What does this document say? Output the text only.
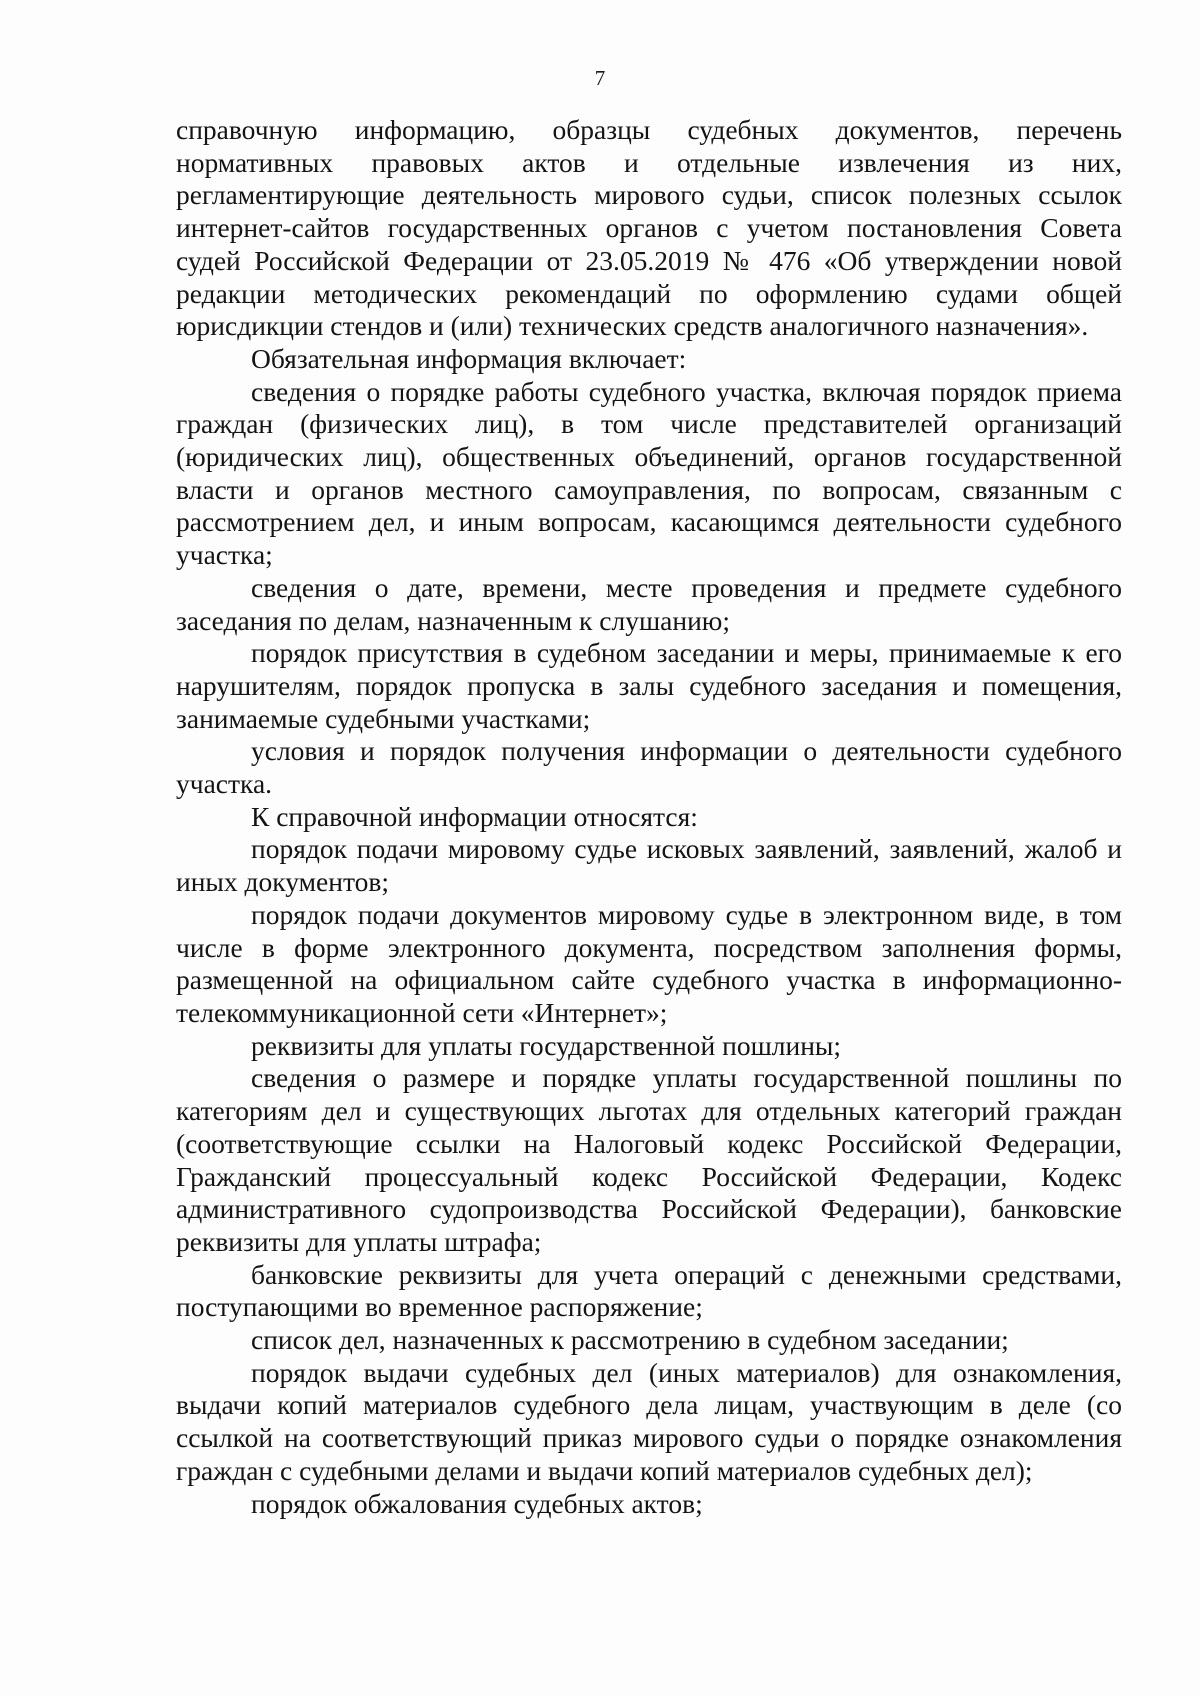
7

справочную информацию, образцы судебных документов, перечень нормативных правовых актов и отдельные извлечения из них, регламентирующие деятельность мирового судьи, список полезных ссылок интернет-сайтов государственных органов с учетом постановления Совета судей Российской Федерации от 23.05.2019 № 476 «Об утверждении новой редакции методических рекомендаций по оформлению судами общей юрисдикции стендов и (или) технических средств аналогичного назначения».

Обязательная информация включает:

сведения о порядке работы судебного участка, включая порядок приема граждан (физических лиц), в том числе представителей организаций (юридических лиц), общественных объединений, органов государственной власти и органов местного самоуправления, по вопросам, связанным с рассмотрением дел, и иным вопросам, касающимся деятельности судебного участка;

сведения о дате, времени, месте проведения и предмете судебного заседания по делам, назначенным к слушанию;

порядок присутствия в судебном заседании и меры, принимаемые к его нарушителям, порядок пропуска в залы судебного заседания и помещения, занимаемые судебными участками;

условия и порядок получения информации о деятельности судебного участка.

К справочной информации относятся:

порядок подачи мировому судье исковых заявлений, заявлений, жалоб и иных документов;

порядок подачи документов мировому судье в электронном виде, в том числе в форме электронного документа, посредством заполнения формы, размещенной на официальном сайте судебного участка в информационно-телекоммуникационной сети «Интернет»;

реквизиты для уплаты государственной пошлины;

сведения о размере и порядке уплаты государственной пошлины по категориям дел и существующих льготах для отдельных категорий граждан (соответствующие ссылки на Налоговый кодекс Российской Федерации, Гражданский процессуальный кодекс Российской Федерации, Кодекс административного судопроизводства Российской Федерации), банковские реквизиты для уплаты штрафа;

банковские реквизиты для учета операций с денежными средствами, поступающими во временное распоряжение;

список дел, назначенных к рассмотрению в судебном заседании;

порядок выдачи судебных дел (иных материалов) для ознакомления, выдачи копий материалов судебного дела лицам, участвующим в деле (со ссылкой на соответствующий приказ мирового судьи о порядке ознакомления граждан с судебными делами и выдачи копий материалов судебных дел);

порядок обжалования судебных актов;
